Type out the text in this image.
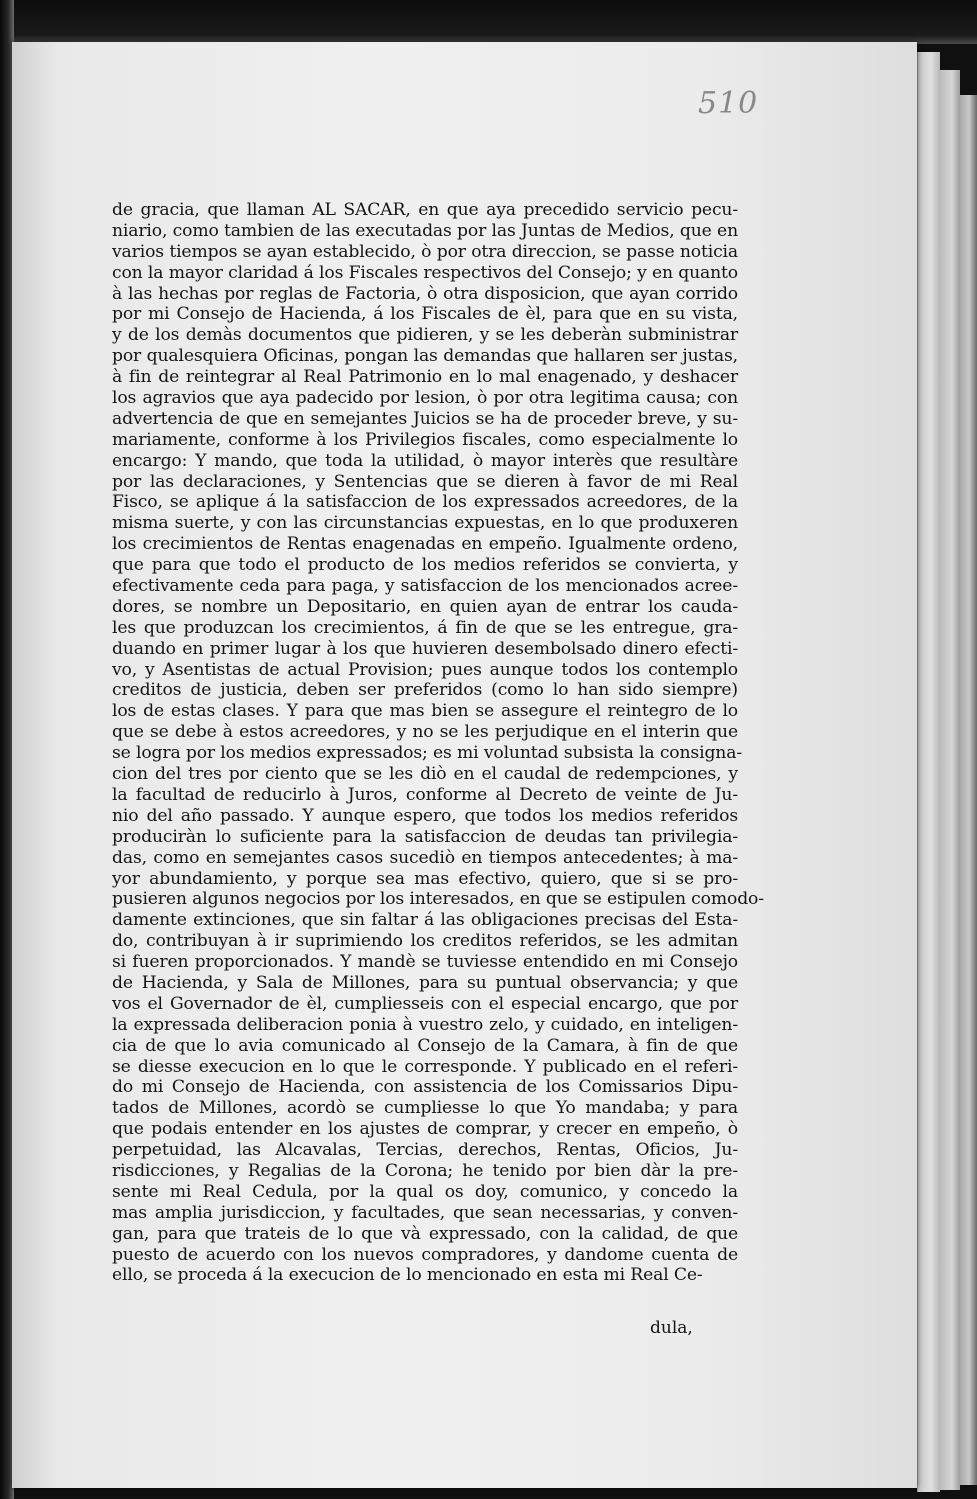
510
de gracia, que llaman AL SACAR, en que aya precedido servicio pecu-
niario, como tambien de las executadas por las Juntas de Medios, que en
varios tiempos se ayan establecido, ò por otra direccion, se passe noticia
con la mayor claridad á los Fiscales respectivos del Consejo; y en quanto
à las hechas por reglas de Factoria, ò otra disposicion, que ayan corrido
por mi Consejo de Hacienda, á los Fiscales de èl, para que en su vista,
y de los demàs documentos que pidieren, y se les deberàn subministrar
por qualesquiera Oficinas, pongan las demandas que hallaren ser justas,
à fin de reintegrar al Real Patrimonio en lo mal enagenado, y deshacer
los agravios que aya padecido por lesion, ò por otra legitima causa; con
advertencia de que en semejantes Juicios se ha de proceder breve, y su-
mariamente, conforme à los Privilegios fiscales, como especialmente lo
encargo: Y mando, que toda la utilidad, ò mayor interès que resultàre
por las declaraciones, y Sentencias que se dieren à favor de mi Real
Fisco, se aplique á la satisfaccion de los expressados acreedores, de la
misma suerte, y con las circunstancias expuestas, en lo que produxeren
los crecimientos de Rentas enagenadas en empeño. Igualmente ordeno,
que para que todo el producto de los medios referidos se convierta, y
efectivamente ceda para paga, y satisfaccion de los mencionados acree-
dores, se nombre un Depositario, en quien ayan de entrar los cauda-
les que produzcan los crecimientos, á fin de que se les entregue, gra-
duando en primer lugar à los que huvieren desembolsado dinero efecti-
vo, y Asentistas de actual Provision; pues aunque todos los contemplo
creditos de justicia, deben ser preferidos (como lo han sido siempre)
los de estas clases. Y para que mas bien se assegure el reintegro de lo
que se debe à estos acreedores, y no se les perjudique en el interin que
se logra por los medios expressados; es mi voluntad subsista la consigna-
cion del tres por ciento que se les diò en el caudal de redempciones, y
la facultad de reducirlo à Juros, conforme al Decreto de veinte de Ju-
nio del año passado. Y aunque espero, que todos los medios referidos
produciràn lo suficiente para la satisfaccion de deudas tan privilegia-
das, como en semejantes casos sucediò en tiempos antecedentes; à ma-
yor abundamiento, y porque sea mas efectivo, quiero, que si se pro-
pusieren algunos negocios por los interesados, en que se estipulen comodo-
damente extinciones, que sin faltar á las obligaciones precisas del Esta-
do, contribuyan à ir suprimiendo los creditos referidos, se les admitan
si fueren proporcionados. Y mandè se tuviesse entendido en mi Consejo
de Hacienda, y Sala de Millones, para su puntual observancia; y que
vos el Governador de èl, cumpliesseis con el especial encargo, que por
la expressada deliberacion ponia à vuestro zelo, y cuidado, en inteligen-
cia de que lo avia comunicado al Consejo de la Camara, à fin de que
se diesse execucion en lo que le corresponde. Y publicado en el referi-
do mi Consejo de Hacienda, con assistencia de los Comissarios Dipu-
tados de Millones, acordò se cumpliesse lo que Yo mandaba; y para
que podais entender en los ajustes de comprar, y crecer en empeño, ò
perpetuidad, las Alcavalas, Tercias, derechos, Rentas, Oficios, Ju-
risdicciones, y Regalias de la Corona; he tenido por bien dàr la pre-
sente mi Real Cedula, por la qual os doy, comunico, y concedo la
mas amplia jurisdiccion, y facultades, que sean necessarias, y conven-
gan, para que trateis de lo que và expressado, con la calidad, de que
puesto de acuerdo con los nuevos compradores, y dandome cuenta de
ello, se proceda á la execucion de lo mencionado en esta mi Real Ce-
dula,
